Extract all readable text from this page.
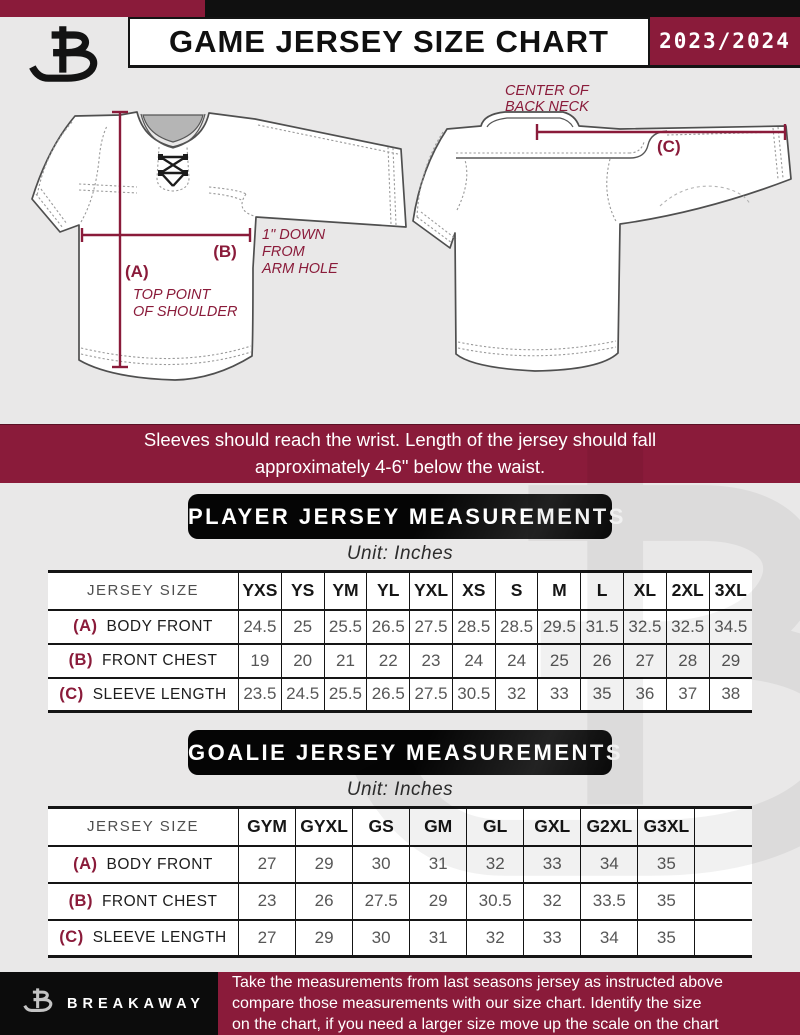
GAME JERSEY SIZE CHART 2023/2024
(B)
1" DOWN
FROM
ARM HOLE
(A)
TOP POINT
OF SHOULDER
CENTER OF
BACK NECK
(C)
Sleeves should reach the wrist. Length of the jersey should fall
approximately 4-6" below the waist.
PLAYER JERSEY MEASUREMENTS
Unit: Inches
JERSEY SIZE	YXS	YS	YM	YL	YXL	XS	S	M	L	XL	2XL	3XL
(A) BODY FRONT	24.5	25	25.5	26.5	27.5	28.5	28.5	29.5	31.5	32.5	32.5	34.5
(B) FRONT CHEST	19	20	21	22	23	24	24	25	26	27	28	29
(C) SLEEVE LENGTH	23.5	24.5	25.5	26.5	27.5	30.5	32	33	35	36	37	38
GOALIE JERSEY MEASUREMENTS
Unit: Inches
JERSEY SIZE	GYM	GYXL	GS	GM	GL	GXL	G2XL	G3XL	
(A) BODY FRONT	27	29	30	31	32	33	34	35	
(B) FRONT CHEST	23	26	27.5	29	30.5	32	33.5	35	
(C) SLEEVE LENGTH	27	29	30	31	32	33	34	35	
BREAKAWAY
Take the measurements from last seasons jersey as instructed above
compare those measurements with our size chart. Identify the size
on the chart, if you need a larger size move up the scale on the chart
